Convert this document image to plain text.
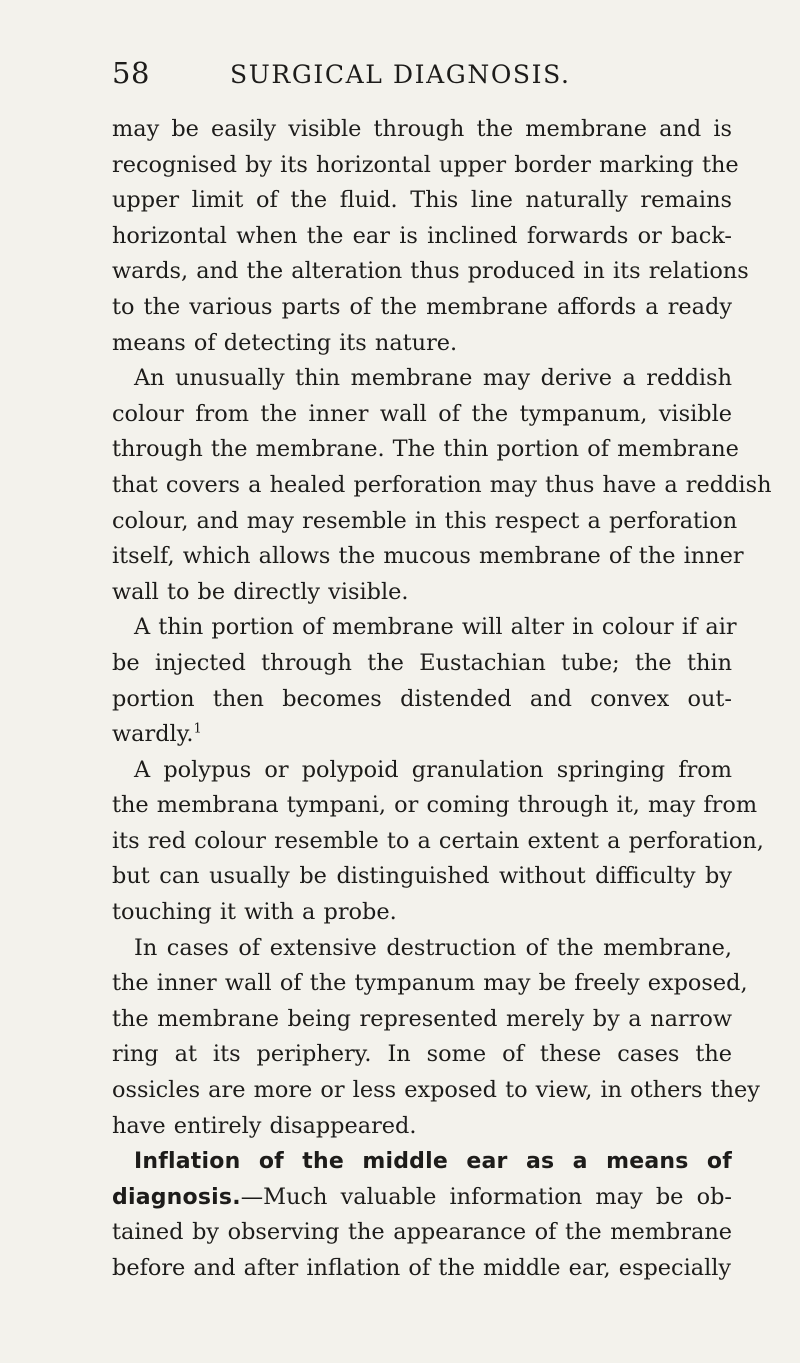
58	SURGICAL DIAGNOSIS.
may be easily visible through the membrane and is
recognised by its horizontal upper border marking the
upper limit of the fluid. This line naturally remains
horizontal when the ear is inclined forwards or back-
wards, and the alteration thus produced in its relations
to the various parts of the membrane affords a ready
means of detecting its nature.
An unusually thin membrane may derive a reddish
colour from the inner wall of the tympanum, visible
through the membrane. The thin portion of membrane
that covers a healed perforation may thus have a reddish
colour, and may resemble in this respect a perforation
itself, which allows the mucous membrane of the inner
wall to be directly visible.
A thin portion of membrane will alter in colour if air
be injected through the Eustachian tube; the thin
portion then becomes distended and convex out-
wardly.$^1$
A polypus or polypoid granulation springing from
the membrana tympani, or coming through it, may from
its red colour resemble to a certain extent a perforation,
but can usually be distinguished without difficulty by
touching it with a probe.
In cases of extensive destruction of the membrane,
the inner wall of the tympanum may be freely exposed,
the membrane being represented merely by a narrow
ring at its periphery. In some of these cases the
ossicles are more or less exposed to view, in others they
have entirely disappeared.
Inflation of the middle ear as a means of
diagnosis.—Much valuable information may be ob-
tained by observing the appearance of the membrane
before and after inflation of the middle ear, especially
